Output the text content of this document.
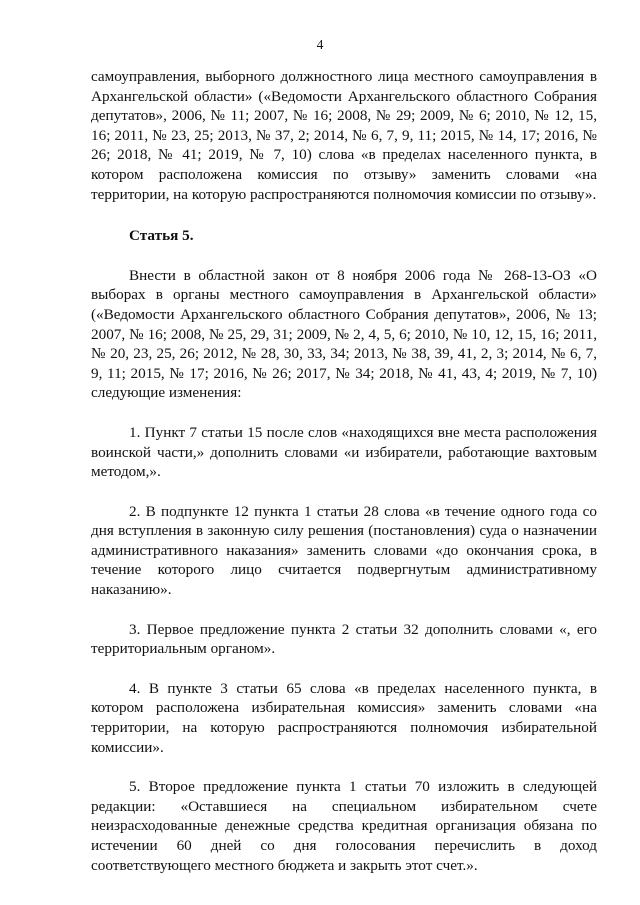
4

самоуправления, выборного должностного лица местного самоуправления в Архангельской области» («Ведомости Архангельского областного Собрания депутатов», 2006, № 11; 2007, № 16; 2008, № 29; 2009, № 6; 2010, № 12, 15, 16; 2011, № 23, 25; 2013, № 37, 2; 2014, № 6, 7, 9, 11; 2015, № 14, 17; 2016, № 26; 2018, № 41; 2019, № 7, 10) слова «в пределах населенного пункта, в котором расположена комиссия по отзыву» заменить словами «на территории, на которую распространяются полномочия комиссии по отзыву».

Статья 5.

Внести в областной закон от 8 ноября 2006 года № 268-13-ОЗ «О выборах в органы местного самоуправления в Архангельской области» («Ведомости Архангельского областного Собрания депутатов», 2006, № 13; 2007, № 16; 2008, № 25, 29, 31; 2009, № 2, 4, 5, 6; 2010, № 10, 12, 15, 16; 2011, № 20, 23, 25, 26; 2012, № 28, 30, 33, 34; 2013, № 38, 39, 41, 2, 3; 2014, № 6, 7, 9, 11; 2015, № 17; 2016, № 26; 2017, № 34; 2018, № 41, 43, 4; 2019, № 7, 10) следующие изменения:

1. Пункт 7 статьи 15 после слов «находящихся вне места расположения воинской части,» дополнить словами «и избиратели, работающие вахтовым методом,».

2. В подпункте 12 пункта 1 статьи 28 слова «в течение одного года со дня вступления в законную силу решения (постановления) суда о назначении административного наказания» заменить словами «до окончания срока, в течение которого лицо считается подвергнутым административному наказанию».

3. Первое предложение пункта 2 статьи 32 дополнить словами «, его территориальным органом».

4. В пункте 3 статьи 65 слова «в пределах населенного пункта, в котором расположена избирательная комиссия» заменить словами «на территории, на которую распространяются полномочия избирательной комиссии».

5. Второе предложение пункта 1 статьи 70 изложить в следующей редакции: «Оставшиеся на специальном избирательном счете неизрасходованные денежные средства кредитная организация обязана по истечении 60 дней со дня голосования перечислить в доход соответствующего местного бюджета и закрыть этот счет.».
